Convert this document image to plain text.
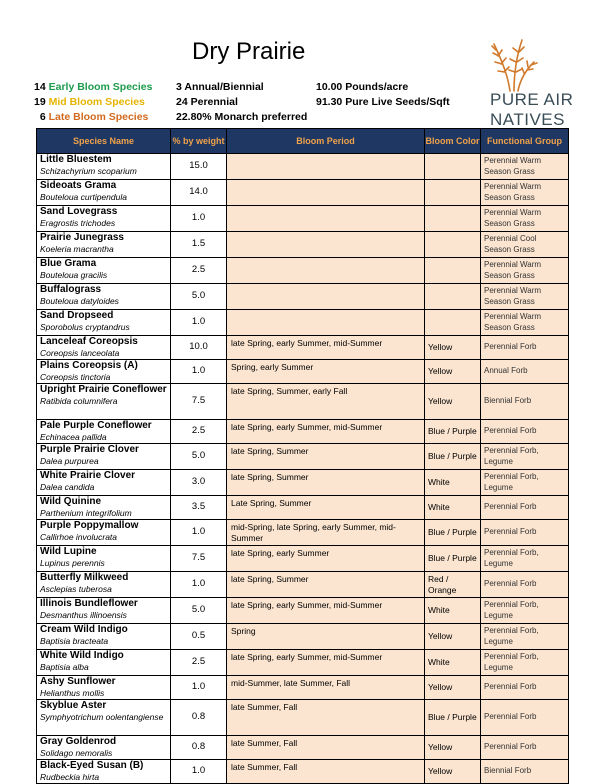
Dry Prairie
14 Early Bloom Species
19 Mid Bloom Species
6 Late Bloom Species
3 Annual/Biennial
24 Perennial
22.80% Monarch preferred
10.00 Pounds/acre
91.30 Pure Live Seeds/Sqft PURE AIR
NATIVES
Species Name	% by weight	Bloom Period	Bloom Color	Functional Group

Little Bluestem
Schizachyrium scoparium	15.0			Perennial Warm Season Grass

Sideoats Grama
Bouteloua curtipendula	14.0			Perennial Warm Season Grass

Sand Lovegrass
Eragrostis trichodes	1.0			Perennial Warm Season Grass

Prairie Junegrass
Koeleria macrantha	1.5			Perennial Cool Season Grass

Blue Grama
Bouteloua gracilis	2.5			Perennial Warm Season Grass

Buffalograss
Bouteloua datyloides	5.0			Perennial Warm Season Grass

Sand Dropseed
Sporobolus cryptandrus	1.0			Perennial Warm Season Grass

Lanceleaf Coreopsis
Coreopsis lanceolata	10.0	late Spring, early Summer, mid-Summer	Yellow	Perennial Forb

Plains Coreopsis (A)
Coreopsis tinctoria	1.0	Spring, early Summer	Yellow	Annual Forb

Upright Prairie Coneflower
Ratibida columnifera	7.5	late Spring, Summer, early Fall	Yellow	Biennial Forb

Pale Purple Coneflower
Echinacea pallida	2.5	late Spring, early Summer, mid-Summer	Blue / Purple	Perennial Forb

Purple Prairie Clover
Dalea purpurea	5.0	late Spring, Summer	Blue / Purple	Perennial Forb, Legume

White Prairie Clover
Dalea candida	3.0	late Spring, Summer	White	Perennial Forb, Legume

Wild Quinine
Parthenium integrifolium	3.5	Late Spring, Summer	White	Perennial Forb

Purple Poppymallow
Callirhoe involucrata	1.0	mid-Spring, late Spring, early Summer, mid-Summer	Blue / Purple	Perennial Forb

Wild Lupine
Lupinus perennis	7.5	late Spring, early Summer	Blue / Purple	Perennial Forb, Legume

Butterfly Milkweed
Asclepias tuberosa	1.0	late Spring, Summer	Red / Orange	Perennial Forb

Illinois Bundleflower
Desmanthus illinoensis	5.0	late Spring, early Summer, mid-Summer	White	Perennial Forb, Legume

Cream Wild Indigo
Baptisia bracteata	0.5	Spring	Yellow	Perennial Forb, Legume

White Wild Indigo
Baptisia alba	2.5	late Spring, early Summer, mid-Summer	White	Perennial Forb, Legume

Ashy Sunflower
Helianthus mollis	1.0	mid-Summer, late Summer, Fall	Yellow	Perennial Forb

Skyblue Aster
Symphyotrichum oolentangiense	0.8	late Summer, Fall	Blue / Purple	Perennial Forb

Gray Goldenrod
Solidago nemoralis	0.8	late Summer, Fall	Yellow	Perennial Forb

Black-Eyed Susan (B)
Rudbeckia hirta	1.0	late Summer, Fall	Yellow	Biennial Forb
